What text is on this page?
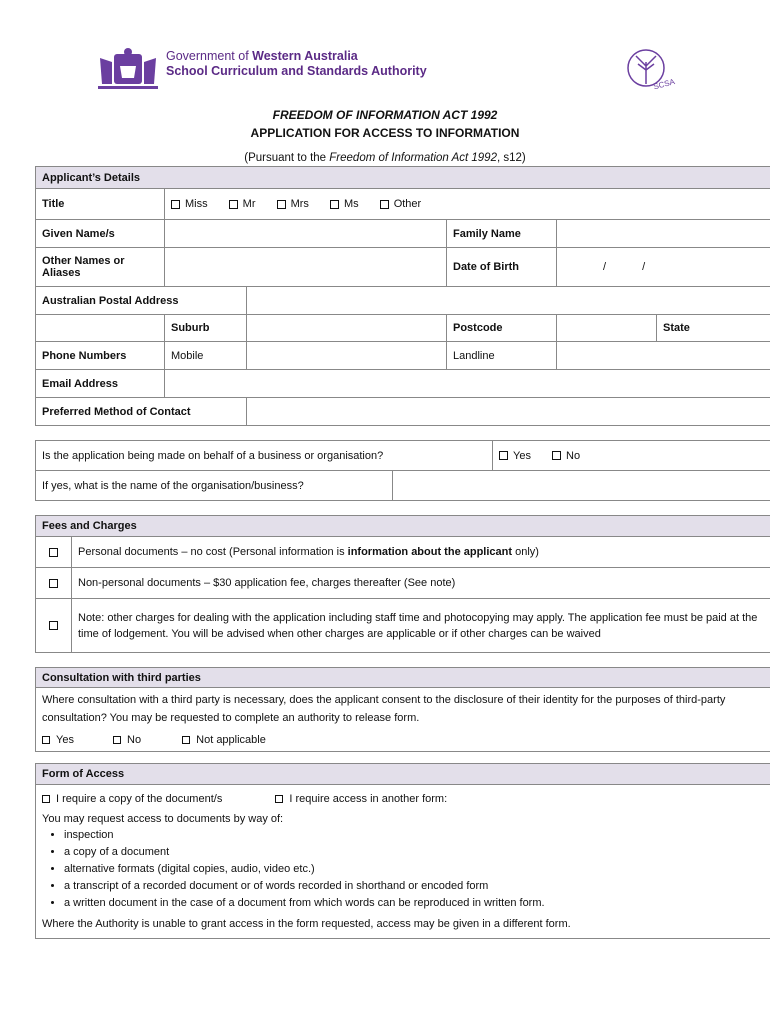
Government of Western Australia
School Curriculum and Standards Authority
SCSA
FREEDOM OF INFORMATION ACT 1992
APPLICATION FOR ACCESS TO INFORMATION
(Pursuant to the Freedom of Information Act 1992, s12)
Applicant’s Details					
Title	Miss Mr Mrs Ms Other				
Given Name/s			Family Name		
Other Names or Aliases			Date of Birth	/ /	
Australian Postal Address					
	Suburb		Postcode		State
Phone Numbers	Mobile		Landline		
Email Address					
Preferred Method of Contact					
Is the application being made on behalf of a business or organisation?		Yes No
If yes, what is the name of the organisation/business?		
Fees and Charges	
	Personal documents – no cost (Personal information is information about the applicant only)
	Non-personal documents – $30 application fee, charges thereafter (See note)
	Note: other charges for dealing with the application including staff time and photocopying may apply. The application fee must be paid at the time of lodgement. You will be advised when other charges are applicable or if other charges can be waived
Consultation with third parties

Where consultation with a third party is necessary, does the applicant consent to the disclosure of their identity for the purposes of third-party consultation? You may be requested to complete an authority to release form.
Yes	No	Not applicable
Form of Access

I require a copy of the document/s	I require access in another form:
You may request access to documents by way of:
• inspection
• a copy of a document
• alternative formats (digital copies, audio, video etc.)
• a transcript of a recorded document or of words recorded in shorthand or encoded form
• a written document in the case of a document from which words can be reproduced in written form.
Where the Authority is unable to grant access in the form requested, access may be given in a different form.
